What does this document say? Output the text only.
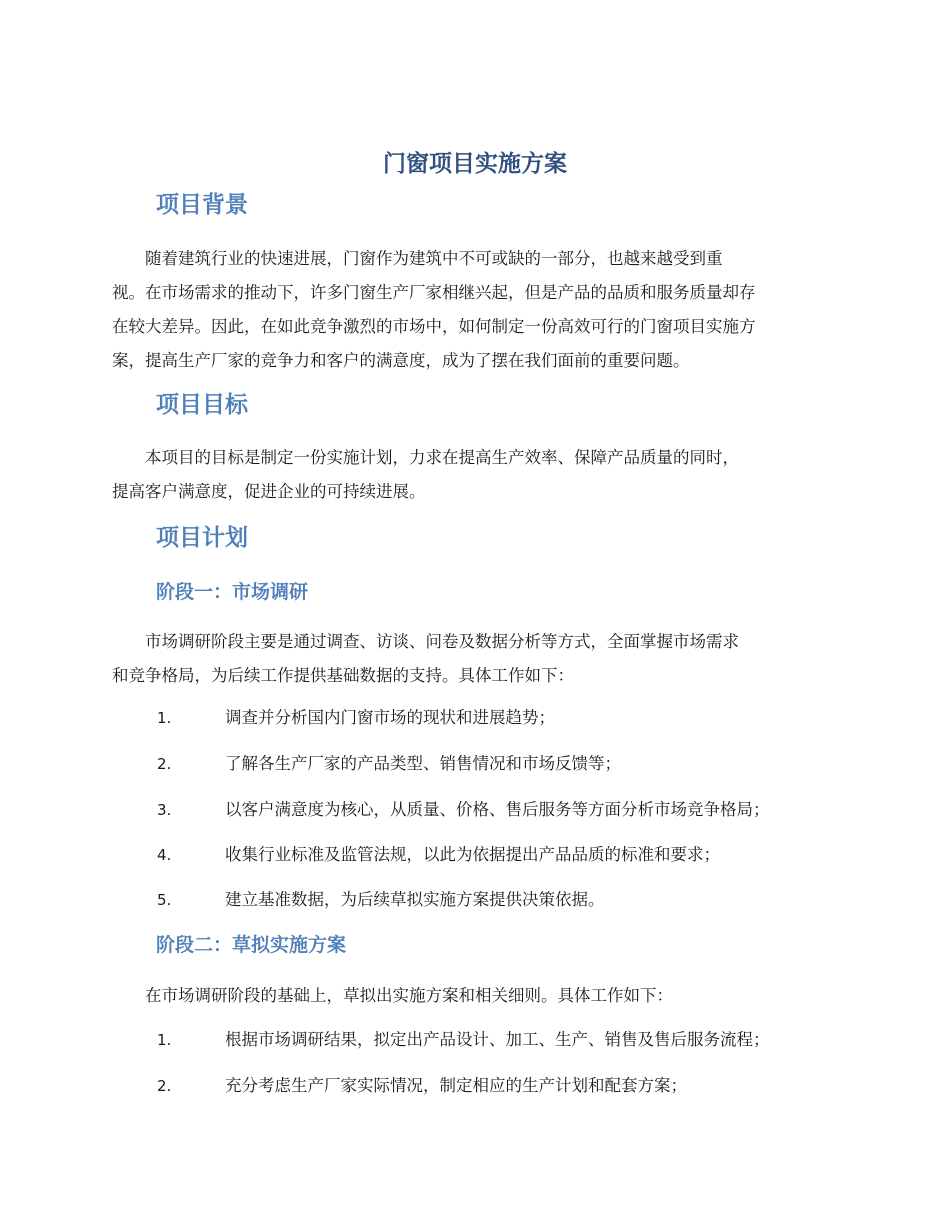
门窗项目实施方案
项目背景
随着建筑行业的快速进展，门窗作为建筑中不可或缺的一部分，也越来越受到重
视。在市场需求的推动下，许多门窗生产厂家相继兴起，但是产品的品质和服务质量却存
在较大差异。因此，在如此竞争激烈的市场中，如何制定一份高效可行的门窗项目实施方
案，提高生产厂家的竞争力和客户的满意度，成为了摆在我们面前的重要问题。
项目目标
本项目的目标是制定一份实施计划，力求在提高生产效率、保障产品质量的同时，
提高客户满意度，促进企业的可持续进展。
项目计划
阶段一：市场调研
市场调研阶段主要是通过调查、访谈、问卷及数据分析等方式，全面掌握市场需求
和竞争格局，为后续工作提供基础数据的支持。具体工作如下：
1.	调查并分析国内门窗市场的现状和进展趋势；
2.	了解各生产厂家的产品类型、销售情况和市场反馈等；
3.	以客户满意度为核心，从质量、价格、售后服务等方面分析市场竞争格局；
4.	收集行业标准及监管法规，以此为依据提出产品品质的标准和要求；
5.	建立基准数据，为后续草拟实施方案提供决策依据。
阶段二：草拟实施方案
在市场调研阶段的基础上，草拟出实施方案和相关细则。具体工作如下：
1.	根据市场调研结果，拟定出产品设计、加工、生产、销售及售后服务流程；
2.	充分考虑生产厂家实际情况，制定相应的生产计划和配套方案；
